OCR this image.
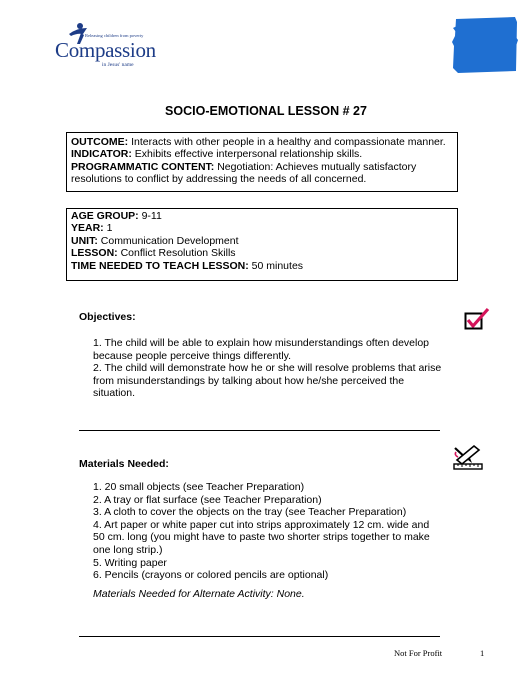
Releasing children from poverty
Compassion
in Jesus' name
SOCIO-EMOTIONAL LESSON # 27
OUTCOME: Interacts with other people in a healthy and compassionate manner.
INDICATOR: Exhibits effective interpersonal relationship skills.
PROGRAMMATIC CONTENT: Negotiation: Achieves mutually satisfactory
resolutions to conflict by addressing the needs of all concerned.
AGE GROUP: 9-11
YEAR: 1
UNIT: Communication Development
LESSON: Conflict Resolution Skills
TIME NEEDED TO TEACH LESSON: 50 minutes
Objectives:

1. The child will be able to explain how misunderstandings often develop because people perceive things differently.

2. The child will demonstrate how he or she will resolve problems that arise from misunderstandings by talking about how he/she perceived the situation.

Materials Needed:

1. 20 small objects (see Teacher Preparation)

2. A tray or flat surface (see Teacher Preparation)

3. A cloth to cover the objects on the tray (see Teacher Preparation)

4. Art paper or white paper cut into strips approximately 12 cm. wide and 50 cm. long (you might have to paste two shorter strips together to make one long strip.)

5. Writing paper

6. Pencils (crayons or colored pencils are optional)

Materials Needed for Alternate Activity: None.
Not For Profit	1
